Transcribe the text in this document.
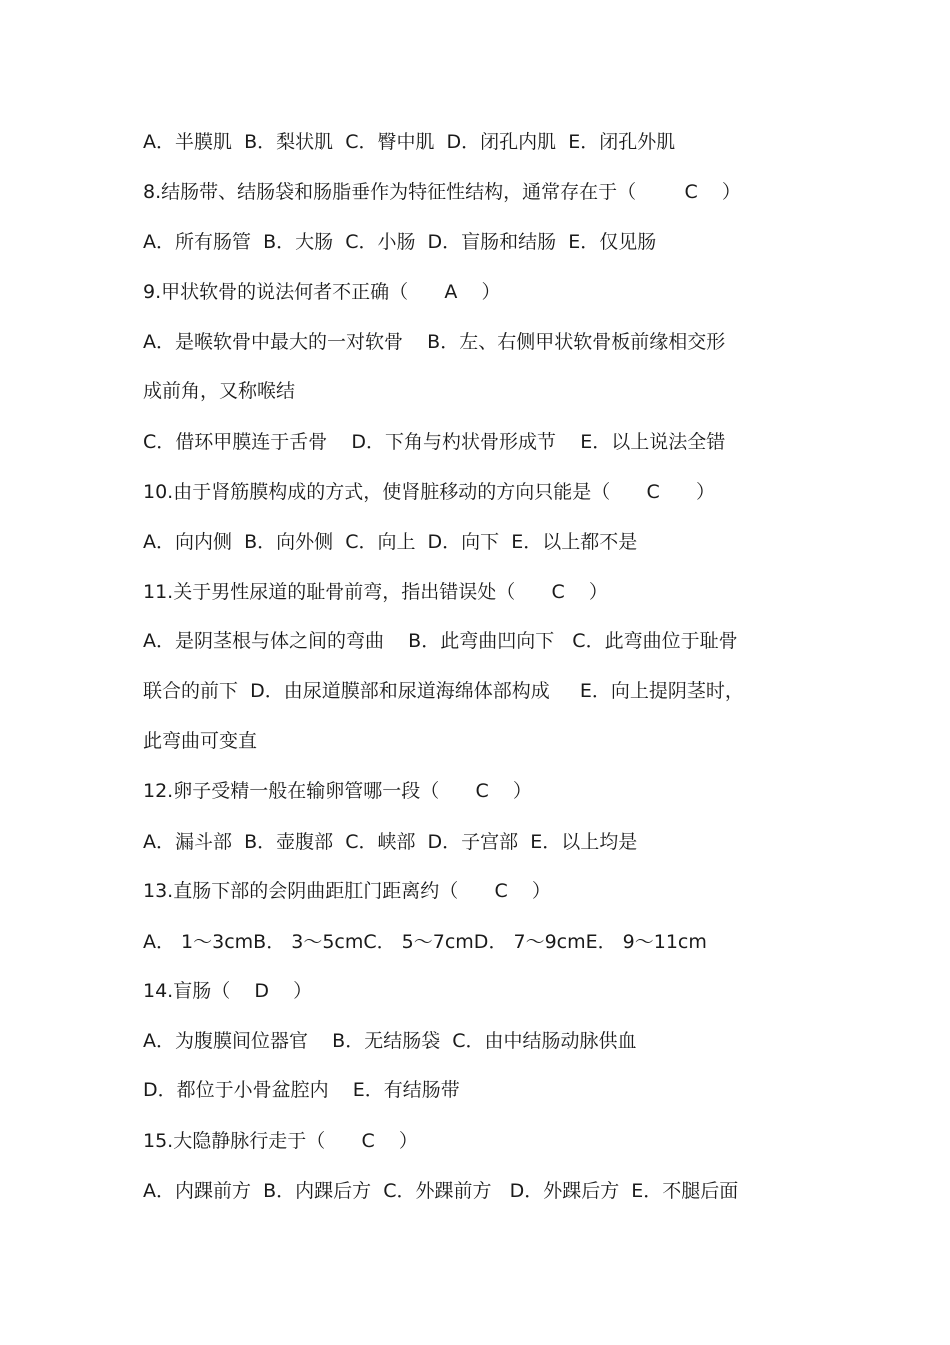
A．半膜肌  B．梨状肌  C．臀中肌  D．闭孔内肌  E．闭孔外肌
8.结肠带、结肠袋和肠脂垂作为特征性结构，通常存在于（        C    ）
A．所有肠管  B．大肠  C．小肠  D．盲肠和结肠  E．仅见肠
9.甲状软骨的说法何者不正确（      A    ）
A．是喉软骨中最大的一对软骨    B．左、右侧甲状软骨板前缘相交形
成前角，又称喉结
C．借环甲膜连于舌骨    D．下角与杓状骨形成节    E．以上说法全错
10.由于肾筋膜构成的方式，使肾脏移动的方向只能是（      C      ）
A．向内侧  B．向外侧  C．向上  D．向下  E．以上都不是
11.关于男性尿道的耻骨前弯，指出错误处（      C    ）
A．是阴茎根与体之间的弯曲    B．此弯曲凹向下   C．此弯曲位于耻骨
联合的前下  D．由尿道膜部和尿道海绵体部构成     E．向上提阴茎时，
此弯曲可变直
12.卵子受精一般在输卵管哪一段（      C    ）
A．漏斗部  B．壶腹部  C．峡部  D．子宫部  E．以上均是
13.直肠下部的会阴曲距肛门距离约（      C    ）
A． 1～3cmB． 3～5cmC． 5～7cmD． 7～9cmE． 9～11cm
14.盲肠（    D    ）
A．为腹膜间位器官    B．无结肠袋  C．由中结肠动脉供血
D．都位于小骨盆腔内    E．有结肠带
15.大隐静脉行走于（      C    ）
A．内踝前方  B．内踝后方  C．外踝前方   D．外踝后方  E．不腿后面
